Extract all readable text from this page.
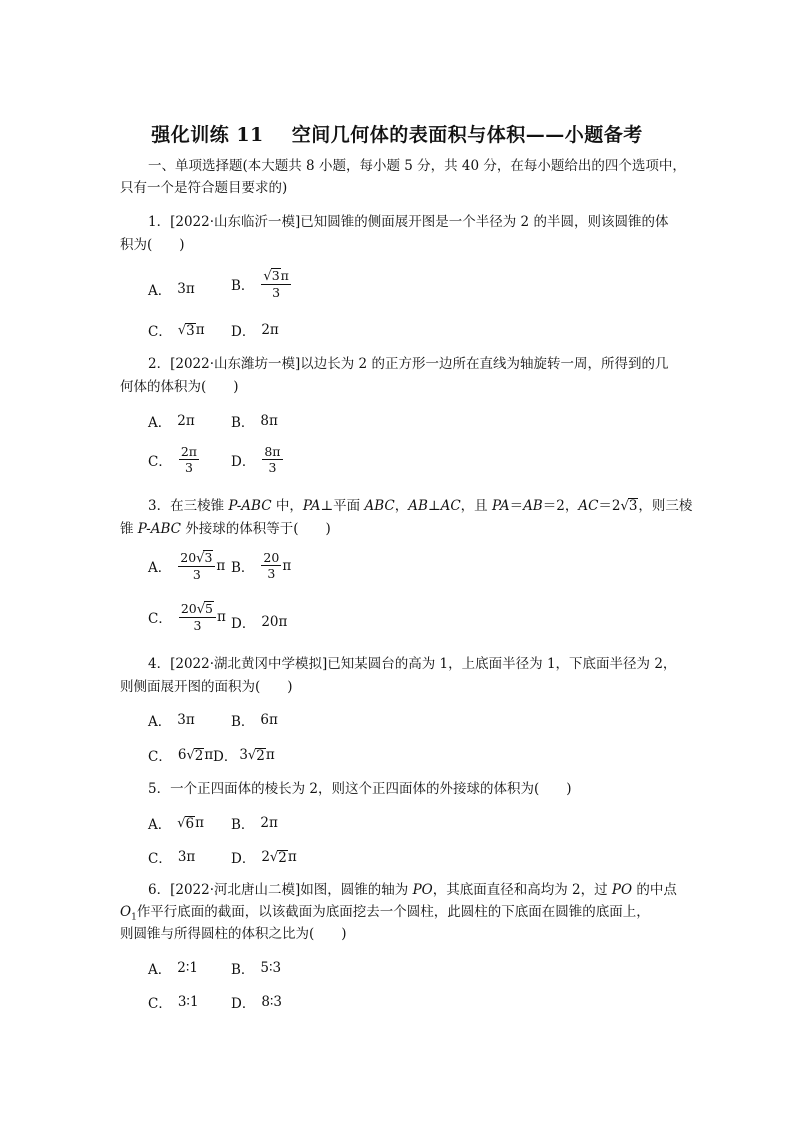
强化训练 11 空间几何体的表面积与体积——小题备考
一、单项选择题(本大题共 8 小题，每小题 5 分，共 40 分，在每小题给出的四个选项中，
只有一个是符合题目要求的)
1．[2022·山东临沂一模]已知圆锥的侧面展开图是一个半径为 2 的半圆，则该圆锥的体
积为(　　)
A． 3π	B． $\frac{√3\pi}{3}$
C． √ 3 π D． 2π
2．[2022·山东潍坊一模]以边长为 2 的正方形一边所在直线为轴旋转一周，所得到的几
何体的体积为(　　)
A． 2π	B． 8π
C． $\frac{2\pi}{3}$ D． $\frac{8\pi}{3}$
3．在三棱锥 P-ABC 中，PA⊥平面 ABC，AB⊥AC，且 PA＝AB＝2，AC＝2√3，则三棱
锥 P-ABC 外接球的体积等于(　　)
A． $\frac{20√3}{3}$ π B． $\frac{20}{3}$ π
C． $\frac{20√5}{3}$ π D． 20π
4．[2022·湖北黄冈中学模拟]已知某圆台的高为 1，上底面半径为 1，下底面半径为 2，
则侧面展开图的面积为(　　)
A． 3π	B． 6π
C． 6 √ 2 π D． 3 √ 2 π
5．一个正四面体的棱长为 2，则这个正四面体的外接球的体积为(　　)
A． √ 6 π B． 2π
C． 3π	D． 2 √ 2 π
6．[2022·河北唐山二模]如图，圆锥的轴为 PO，其底面直径和高均为 2，过 PO 的中点
$O_1$作平行底面的截面，以该截面为底面挖去一个圆柱，此圆柱的下底面在圆锥的底面上，
则圆锥与所得圆柱的体积之比为(　　)
A． 2∶1 B． 5∶3
C． 3∶1 D． 8∶3
